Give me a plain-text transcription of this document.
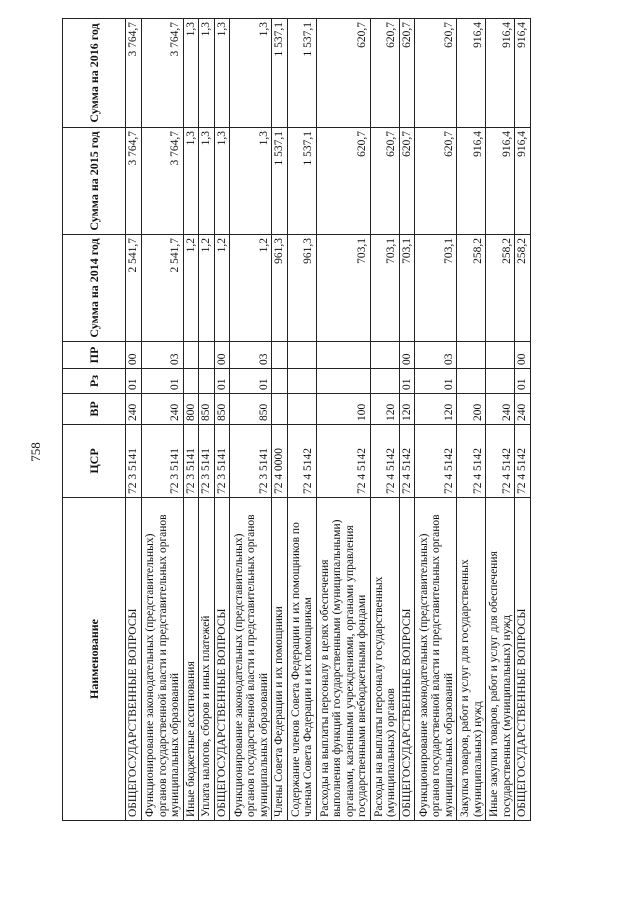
758
Наименование	ЦСР	ВР	Рз	ПР	Сумма на 2014 год	Сумма на 2015 год	Сумма на 2016 год
ОБЩЕГОСУДАРСТВЕННЫЕ ВОПРОСЫ	72 3 5141	240	01	00	2 541,7	3 764,7	3 764,7
Функционирование законодательных (представительных) органов государственной власти и представительных органов муниципальных образований	72 3 5141	240	01	03	2 541,7	3 764,7	3 764,7
Иные бюджетные ассигнования	72 3 5141	800			1,2	1,3	1,3
Уплата налогов, сборов и иных платежей	72 3 5141	850			1,2	1,3	1,3
ОБЩЕГОСУДАРСТВЕННЫЕ ВОПРОСЫ	72 3 5141	850	01	00	1,2	1,3	1,3
Функционирование законодательных (представительных) органов государственной власти и представительных органов муниципальных образований	72 3 5141	850	01	03	1,2	1,3	1,3
Члены Совета Федерации и их помощники	72 4 0000				961,3	1 537,1	1 537,1
Содержание членов Совета Федерации и их помощников по членам Совета Федерации и их помощникам	72 4 5142				961,3	1 537,1	1 537,1
Расходы на выплаты персоналу в целях обеспечения выполнения функций государственными (муниципальными) органами, казенными учреждениями, органами управления государственными внебюджетными фондами	72 4 5142	100			703,1	620,7	620,7
Расходы на выплаты персоналу государственных (муниципальных) органов	72 4 5142	120			703,1	620,7	620,7
ОБЩЕГОСУДАРСТВЕННЫЕ ВОПРОСЫ	72 4 5142	120	01	00	703,1	620,7	620,7
Функционирование законодательных (представительных) органов государственной власти и представительных органов муниципальных образований	72 4 5142	120	01	03	703,1	620,7	620,7
Закупка товаров, работ и услуг для государственных (муниципальных) нужд	72 4 5142	200			258,2	916,4	916,4
Иные закупки товаров, работ и услуг для обеспечения государственных (муниципальных) нужд	72 4 5142	240			258,2	916,4	916,4
ОБЩЕГОСУДАРСТВЕННЫЕ ВОПРОСЫ	72 4 5142	240	01	00	258,2	916,4	916,4
